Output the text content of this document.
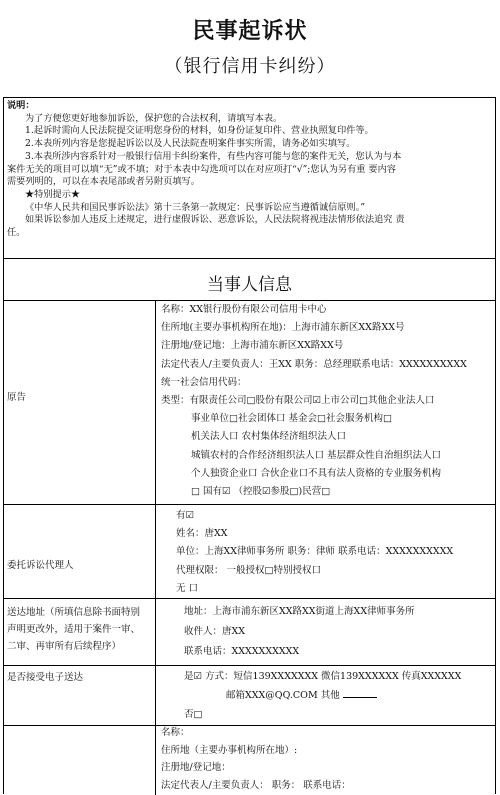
民事起诉状
（银行信用卡纠纷）

说明：

为了方便您更好地参加诉讼，保护您的合法权利，请填写本表。

1.起诉时需向人民法院提交证明您身份的材料，如身份证复印件、营业执照复印件等。

2.本表所列内容是您提起诉讼以及人民法院查明案件事实所需，请务必如实填写。

3.本表所涉内容系针对一般银行信用卡纠纷案件，有些内容可能与您的案件无关，您认为与本

案件无关的项目可以填“无”或不填；对于本表中勾选项可以在对应项打“√”;您认为另有重 要内容

需要列明的，可以在本表尾部或者另附页填写。

★特别提示★

《中华人民共和国民事诉讼法》第十三条第一款规定：民事诉讼应当遵循诚信原则。”

如果诉讼参加人违反上述规定，进行虚假诉讼、恶意诉讼，人民法院将视违法情形依法追究 责

任。

当事人信息
原告
名称：XX银行股份有限公司信用卡中心
住所地(主要办事机构所在地)：上海市浦东新区XX路XX号
注册地/登记地：上海市浦东新区XX路XX号
法定代表人/主要负责人：王XX 职务：总经理联系电话：XXXXXXXXXX
统一社会信用代码：
类型：有限责任公司□股份有限公司☑上市公司□其他企业法人口
事业单位□社会团体口 基金会□社会服务机构□
机关法人口 农村集体经济组织法人口
城镇农村的合作经济组织法人口 基层群众性自治组织法人口
个人独资企业口 合伙企业口不具有法人资格的专业服务机构
□ 国有☑ （控股☑参股□)民营□
委托诉讼代理人
有☑
姓名：唐XX
单位：上海XX律师事务所 职务：律师 联系电话：XXXXXXXXXX
代理权限： 一般授权□特别授权口
无 口
送达地址（所填信息除书面特别
声明更改外，适用于案件一审、
二审、再审所有后续程序）
地址：上海市浦东新区XX路XX街道上海XX律师事务所
收件人：唐XX
联系电话：XXXXXXXXXX
是否接受电子送达	是☑ 方式：短信139XXXXXXX 微信139XXXXXX 传真XXXXXX
邮箱XXX@QQ.COM 其他
否□
名称：
住所地（主要办事机构所在地）:
注册地/登记地：
法定代表人/主要负责人： 职务： 联系电话：
